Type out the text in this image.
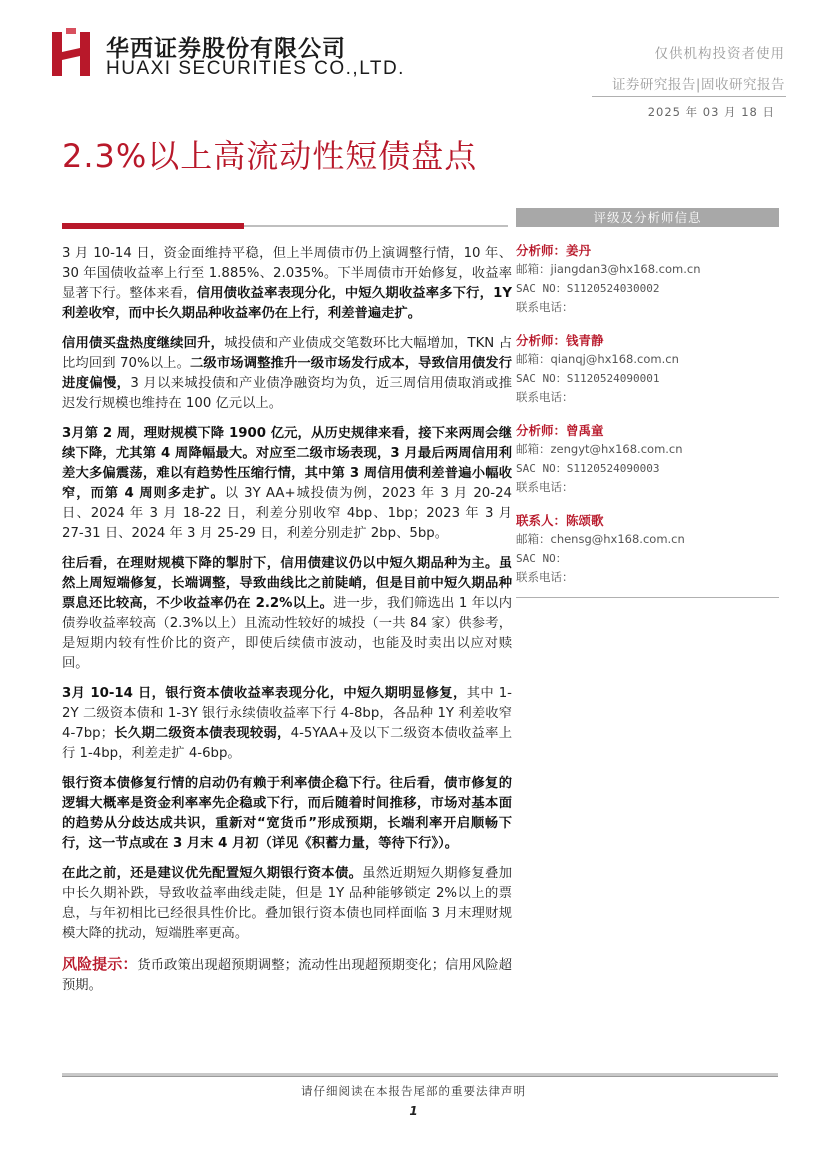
华西证券股份有限公司
HUAXI SECURITIES CO.,LTD.
仅供机构投资者使用
证券研究报告|固收研究报告
2025 年 03 月 18 日
2.3%以上高流动性短债盘点

3 月 10-14 日，资金面维持平稳，但上半周债市仍上演调整行情，10 年、30 年国债收益率上行至 1.885%、2.035%。下半周债市开始修复，收益率显著下行。整体来看，信用债收益率表现分化，中短久期收益率多下行，1Y 利差收窄，而中长久期品种收益率仍在上行，利差普遍走扩。

信用债买盘热度继续回升，城投债和产业债成交笔数环比大幅增加，TKN 占比均回到 70%以上。二级市场调整推升一级市场发行成本，导致信用债发行进度偏慢，3 月以来城投债和产业债净融资均为负，近三周信用债取消或推迟发行规模也维持在 100 亿元以上。

3月第 2 周，理财规模下降 1900 亿元，从历史规律来看，接下来两周会继续下降，尤其第 4 周降幅最大。对应至二级市场表现，3 月最后两周信用利差大多偏震荡，难以有趋势性压缩行情，其中第 3 周信用债利差普遍小幅收窄，而第 4 周则多走扩。以 3Y AA+城投债为例，2023 年 3 月 20-24 日、2024 年 3 月 18-22 日，利差分别收窄 4bp、1bp；2023 年 3 月 27-31 日、2024 年 3 月 25-29 日，利差分别走扩 2bp、5bp。

往后看，在理财规模下降的掣肘下，信用债建议仍以中短久期品种为主。虽然上周短端修复，长端调整，导致曲线比之前陡峭，但是目前中短久期品种票息还比较高，不少收益率仍在 2.2%以上。进一步，我们筛选出 1 年以内债券收益率较高（2.3%以上）且流动性较好的城投（一共 84 家）供参考，是短期内较有性价比的资产，即使后续债市波动，也能及时卖出以应对赎回。

3月 10-14 日，银行资本债收益率表现分化，中短久期明显修复，其中 1-2Y 二级资本债和 1-3Y 银行永续债收益率下行 4-8bp，各品种 1Y 利差收窄 4-7bp；长久期二级资本债表现较弱，4-5YAA+及以下二级资本债收益率上行 1-4bp，利差走扩 4-6bp。

银行资本债修复行情的启动仍有赖于利率债企稳下行。往后看，债市修复的逻辑大概率是资金利率率先企稳或下行，而后随着时间推移，市场对基本面的趋势从分歧达成共识，重新对“宽货币”形成预期，长端利率开启顺畅下行，这一节点或在 3 月末 4 月初（详见《积蓄力量，等待下行》）。

在此之前，还是建议优先配置短久期银行资本债。虽然近期短久期修复叠加中长久期补跌，导致收益率曲线走陡，但是 1Y 品种能够锁定 2%以上的票息，与年初相比已经很具性价比。叠加银行资本债也同样面临 3 月末理财规模大降的扰动，短端胜率更高。

风险提示：货币政策出现超预期调整；流动性出现超预期变化；信用风险超预期。

评级及分析师信息
分析师：姜丹
邮箱：jiangdan3@hx168.com.cn
SAC NO：S1120524030002
联系电话：
分析师：钱青静
邮箱：qianqj@hx168.com.cn
SAC NO：S1120524090001
联系电话：
分析师：曾禹童
邮箱：zengyt@hx168.com.cn
SAC NO：S1120524090003
联系电话：
联系人：陈颂歌
邮箱：chensg@hx168.com.cn
SAC NO：
联系电话：
请仔细阅读在本报告尾部的重要法律声明
1
